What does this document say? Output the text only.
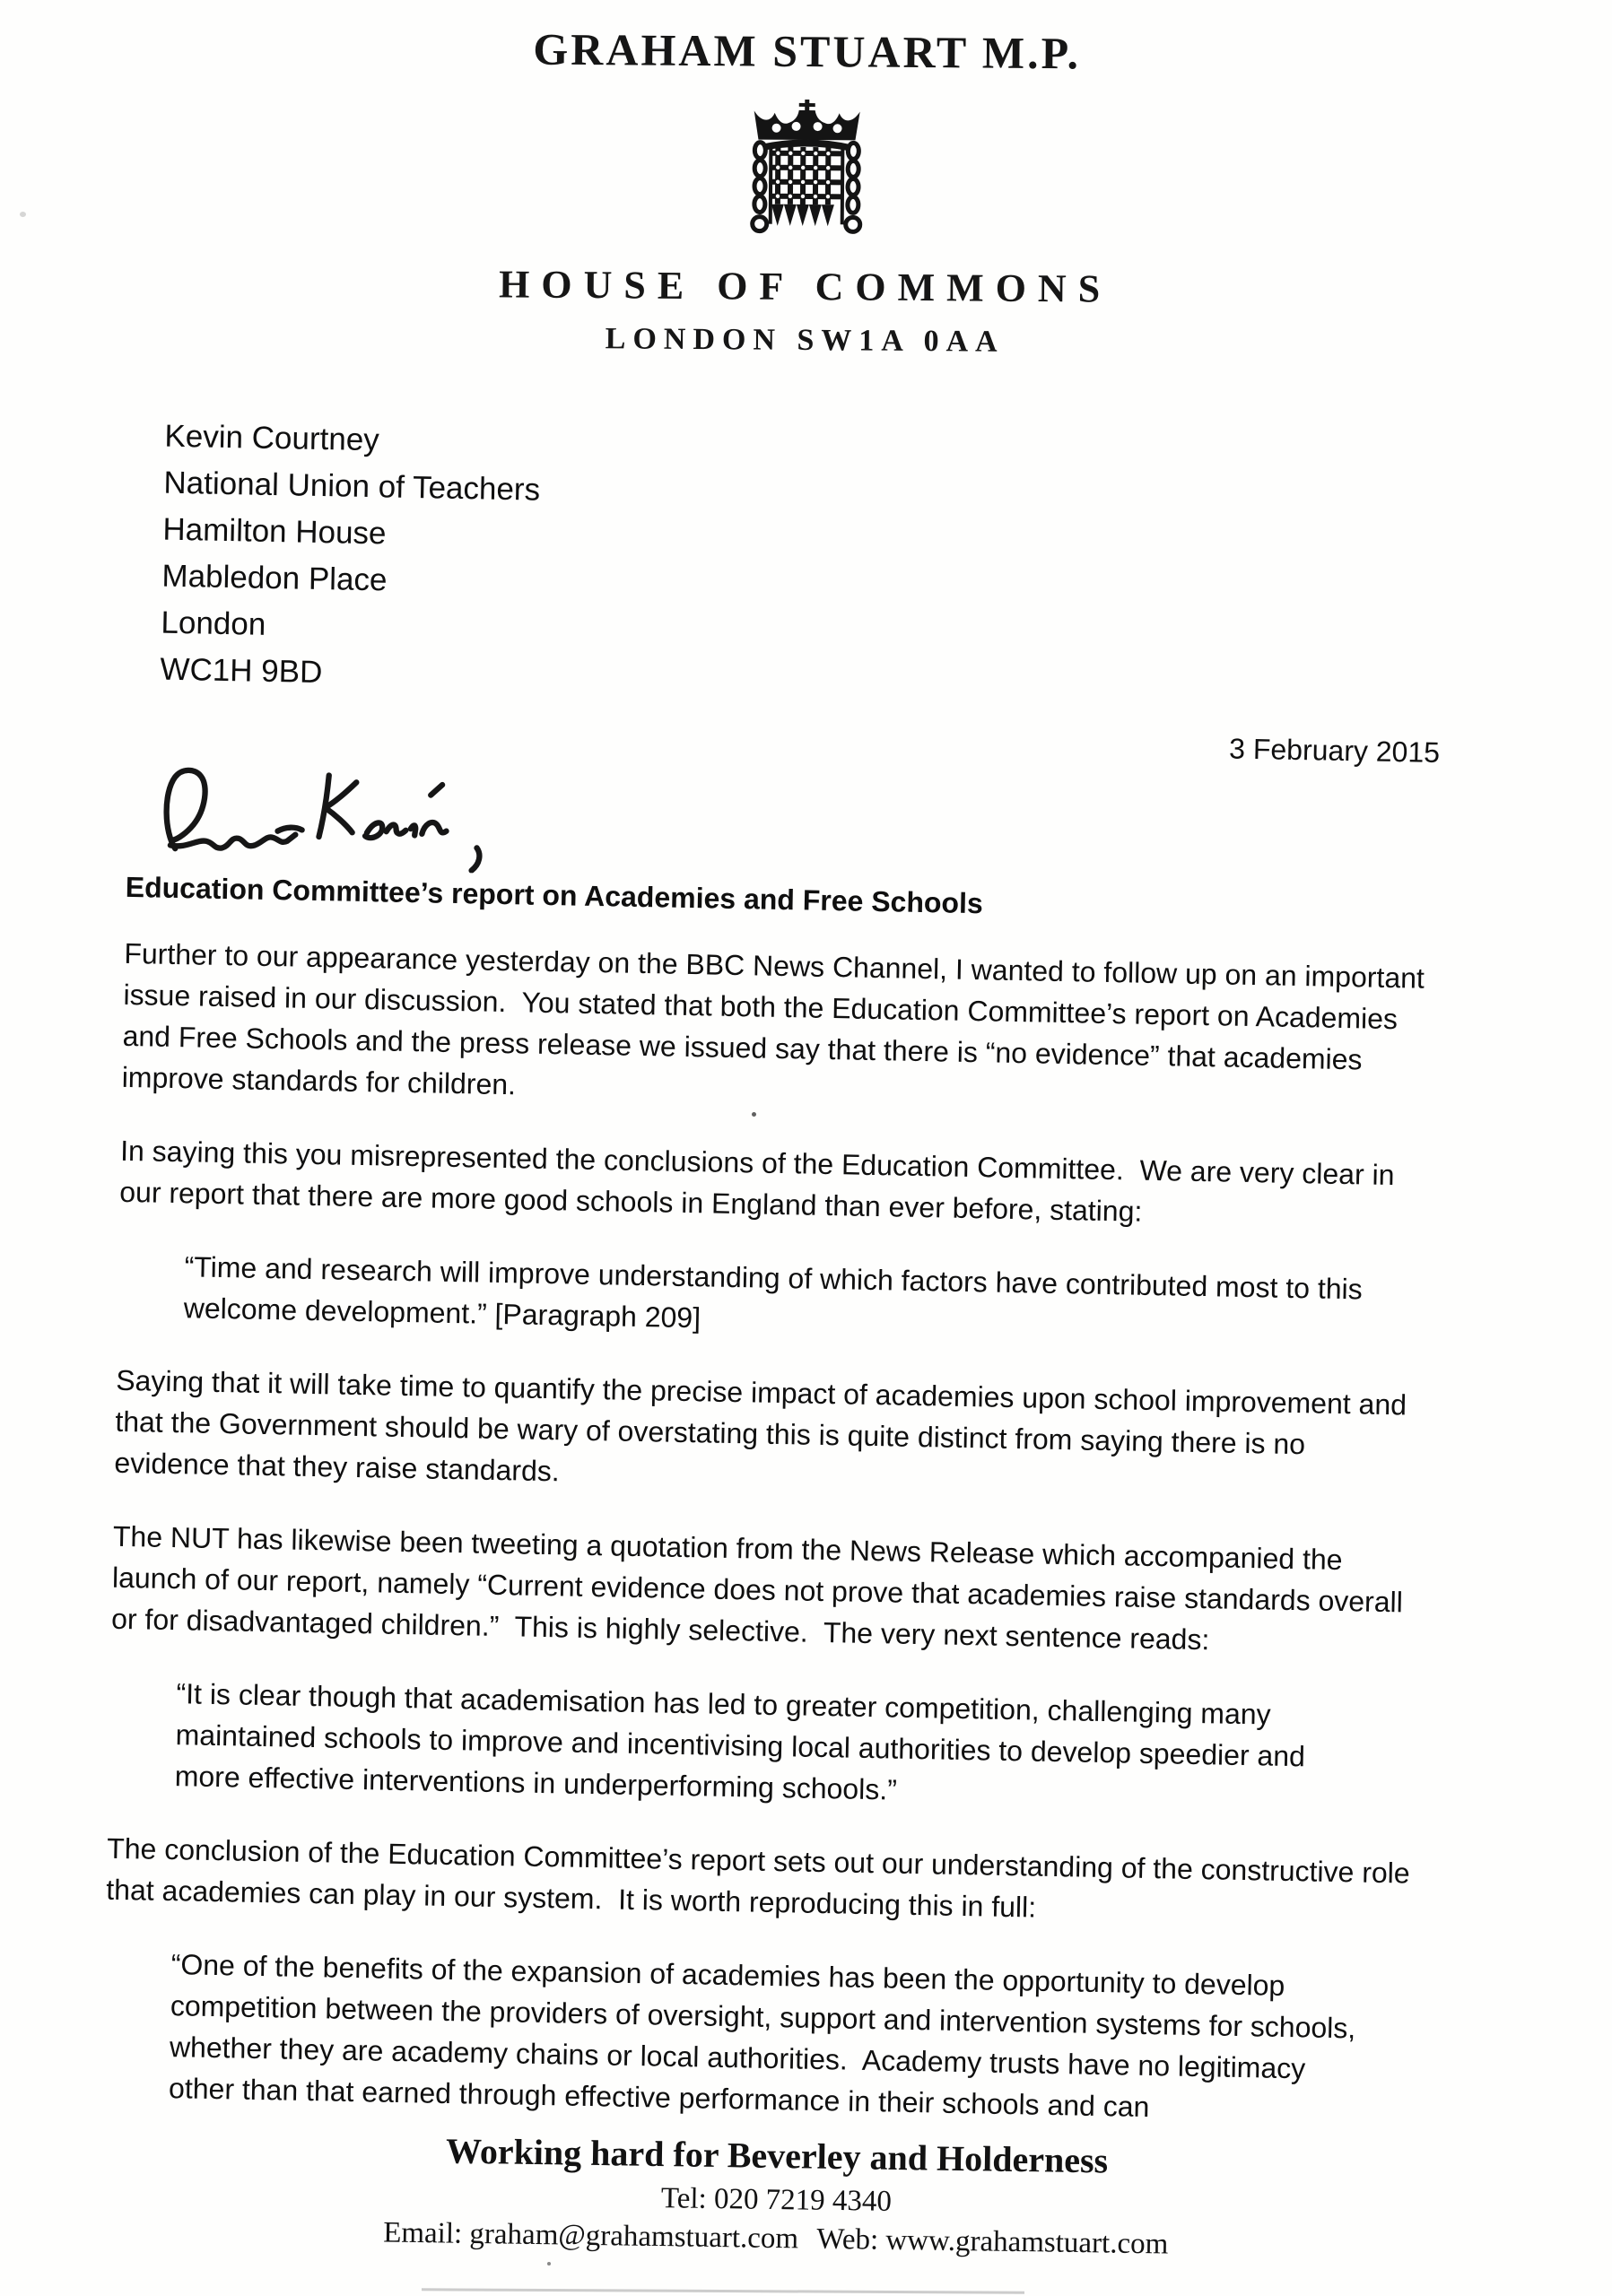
GRAHAM STUART M.P.
HOUSE OF COMMONS
LONDON SW1A 0AA
Kevin Courtney
National Union of Teachers
Hamilton House
Mabledon Place
London
WC1H 9BD
3 February 2015
Education Committee’s report on Academies and Free Schools

Further to our appearance yesterday on the BBC News Channel, I wanted to follow up on an important issue raised in our discussion.  You stated that both the Education Committee’s report on Academies and Free Schools and the press release we issued say that there is “no evidence” that academies improve standards for children.

In saying this you misrepresented the conclusions of the Education Committee.  We are very clear in our report that there are more good schools in England than ever before, stating:

“Time and research will improve understanding of which factors have contributed most to this welcome development.” [Paragraph 209]

Saying that it will take time to quantify the precise impact of academies upon school improvement and that the Government should be wary of overstating this is quite distinct from saying there is no evidence that they raise standards.

The NUT has likewise been tweeting a quotation from the News Release which accompanied the launch of our report, namely “Current evidence does not prove that academies raise standards overall or for disadvantaged children.”  This is highly selective.  The very next sentence reads:

“It is clear though that academisation has led to greater competition, challenging many maintained schools to improve and incentivising local authorities to develop speedier and more effective interventions in underperforming schools.”

The conclusion of the Education Committee’s report sets out our understanding of the constructive role that academies can play in our system.  It is worth reproducing this in full:

“One of the benefits of the expansion of academies has been the opportunity to develop competition between the providers of oversight, support and intervention systems for schools, whether they are academy chains or local authorities.  Academy trusts have no legitimacy other than that earned through effective performance in their schools and can

Working hard for Beverley and Holderness
Tel: 020 7219 4340
Email: graham@grahamstuart.com Web: www.grahamstuart.com
